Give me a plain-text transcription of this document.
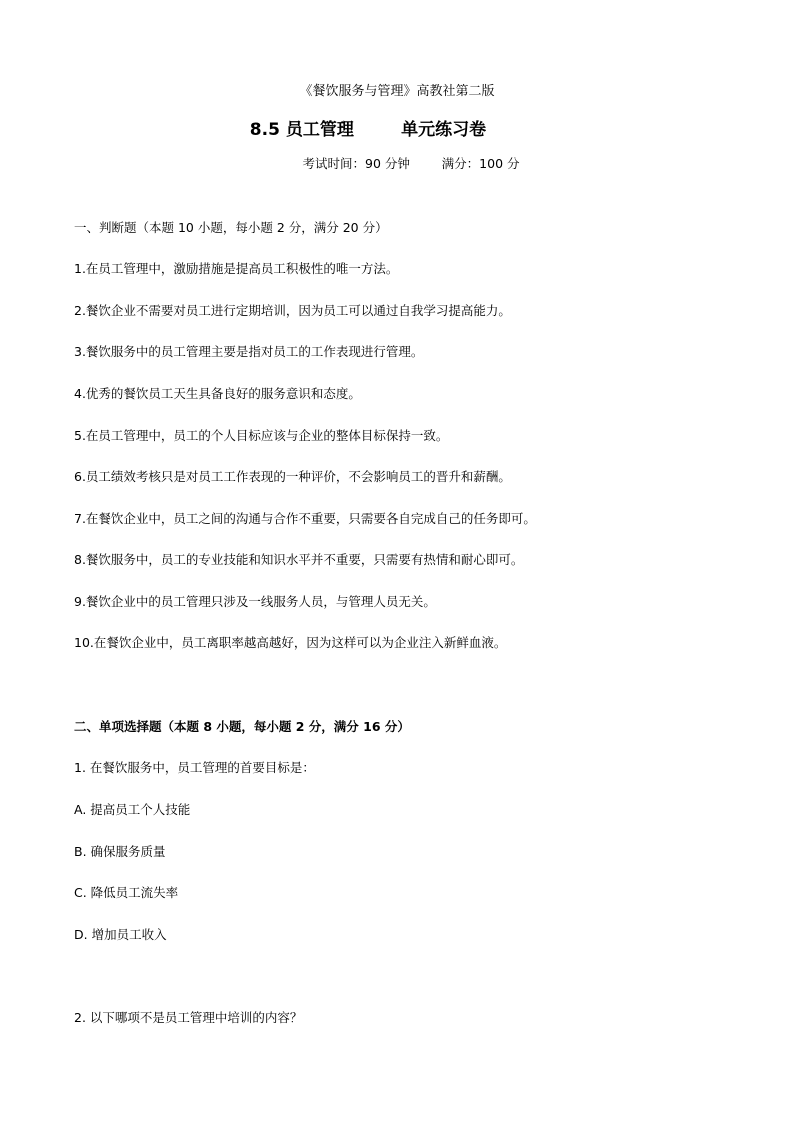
《餐饮服务与管理》高教社第二版
8.5 员工管理        单元练习卷
考试时间：90 分钟        满分：100 分
一、判断题（本题 10 小题，每小题 2 分，满分 20 分）
1.在员工管理中，激励措施是提高员工积极性的唯一方法。
2.餐饮企业不需要对员工进行定期培训，因为员工可以通过自我学习提高能力。
3.餐饮服务中的员工管理主要是指对员工的工作表现进行管理。
4.优秀的餐饮员工天生具备良好的服务意识和态度。
5.在员工管理中，员工的个人目标应该与企业的整体目标保持一致。
6.员工绩效考核只是对员工工作表现的一种评价，不会影响员工的晋升和薪酬。
7.在餐饮企业中，员工之间的沟通与合作不重要，只需要各自完成自己的任务即可。
8.餐饮服务中，员工的专业技能和知识水平并不重要，只需要有热情和耐心即可。
9.餐饮企业中的员工管理只涉及一线服务人员，与管理人员无关。
10.在餐饮企业中，员工离职率越高越好，因为这样可以为企业注入新鲜血液。
二、单项选择题（本题 8 小题，每小题 2 分，满分 16 分）
1. 在餐饮服务中，员工管理的首要目标是：
A. 提高员工个人技能
B. 确保服务质量
C. 降低员工流失率
D. 增加员工收入
2. 以下哪项不是员工管理中培训的内容？
